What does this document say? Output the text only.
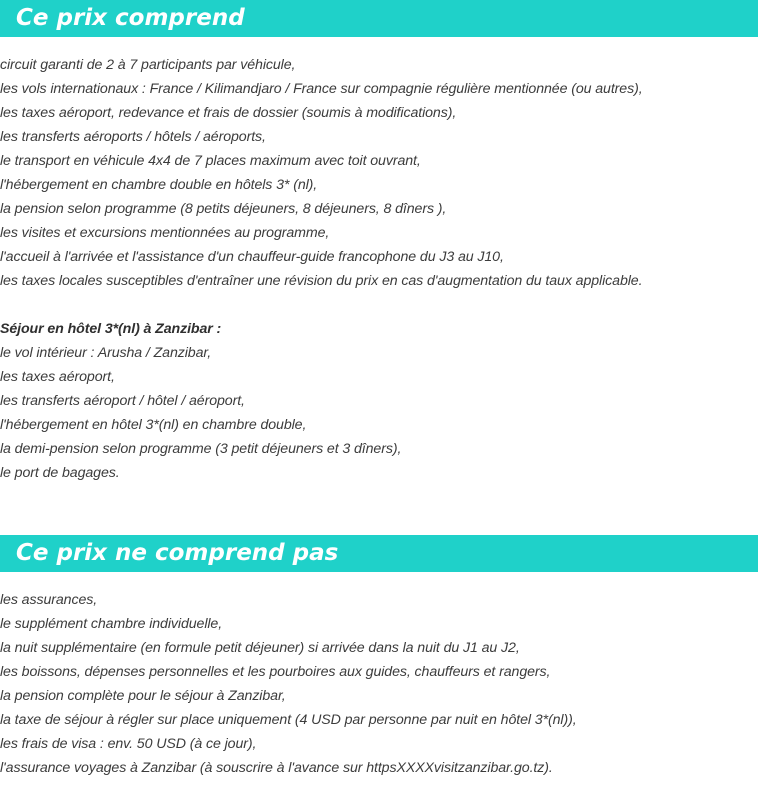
Ce prix comprend
circuit garanti de 2 à 7 participants par véhicule,
les vols internationaux : France / Kilimandjaro / France sur compagnie régulière mentionnée (ou autres),
les taxes aéroport, redevance et frais de dossier (soumis à modifications),
les transferts aéroports / hôtels / aéroports,
le transport en véhicule 4x4 de 7 places maximum avec toit ouvrant,
l'hébergement en chambre double en hôtels 3* (nl),
la pension selon programme (8 petits déjeuners, 8 déjeuners, 8 dîners ),
les visites et excursions mentionnées au programme,
l'accueil à l'arrivée et l'assistance d'un chauffeur-guide francophone du J3 au J10,
les taxes locales susceptibles d'entraîner une révision du prix en cas d'augmentation du taux applicable.
Séjour en hôtel 3*(nl) à Zanzibar :
le vol intérieur : Arusha / Zanzibar,
les taxes aéroport,
les transferts aéroport / hôtel / aéroport,
l'hébergement en hôtel 3*(nl) en chambre double,
la demi-pension selon programme (3 petit déjeuners et 3 dîners),
le port de bagages.
Ce prix ne comprend pas
les assurances,
le supplément chambre individuelle,
la nuit supplémentaire (en formule petit déjeuner) si arrivée dans la nuit du J1 au J2,
les boissons, dépenses personnelles et les pourboires aux guides, chauffeurs et rangers,
la pension complète pour le séjour à Zanzibar,
la taxe de séjour à régler sur place uniquement (4 USD par personne par nuit en hôtel 3*(nl)),
les frais de visa : env. 50 USD (à ce jour),
l'assurance voyages à Zanzibar (à souscrire à l'avance sur httpsXXXXvisitzanzibar.go.tz).
